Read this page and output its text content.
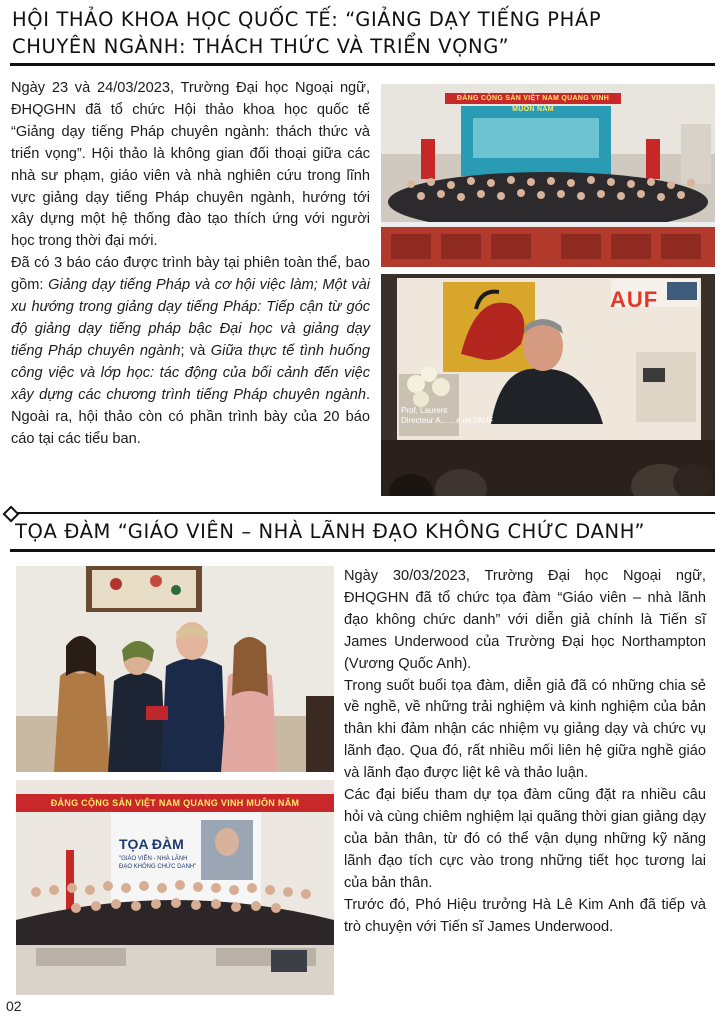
HỘI THẢO KHOA HỌC QUỐC TẾ: “GIẢNG DẠY TIẾNG PHÁP
CHUYÊN NGÀNH: THÁCH THỨC VÀ TRIỂN VỌNG”

Ngày 23 và 24/03/2023, Trường Đại học Ngoại ngữ, ĐHQGHN đã tổ chức Hội thảo khoa học quốc tế “Giảng dạy tiếng Pháp chuyên ngành: thách thức và triển vọng”. Hội thảo là không gian đối thoại giữa các nhà sư phạm, giáo viên và nhà nghiên cứu trong lĩnh vực giảng dạy tiếng Pháp chuyên ngành, hướng tới xây dựng một hệ thống đào tạo thích ứng với người học trong thời đại mới.

Đã có 3 báo cáo được trình bày tại phiên toàn thể, bao gồm: Giảng dạy tiếng Pháp và cơ hội việc làm; Một vài xu hướng trong giảng dạy tiếng Pháp: Tiếp cận từ góc độ giảng dạy tiếng pháp bậc Đại học và giảng dạy tiếng Pháp chuyên ngành; và Giữa thực tế tình huống công việc và lớp học: tác động của bối cảnh đến việc xây dựng các chương trình tiếng Pháp chuyên ngành. Ngoài ra, hội thảo còn có phần trình bày của 20 báo cáo tại các tiểu ban.

ĐẢNG CỘNG SẢN VIỆT NAM QUANG VINH MUÔN NĂM
AUF
Prof. Laurent
Directeur A... ...e de l'AUF
TỌA ĐÀM “GIÁO VIÊN – NHÀ LÃNH ĐẠO KHÔNG CHỨC DANH”
ĐẢNG CỘNG SẢN VIỆT NAM QUANG VINH MUÔN NĂM
TỌA ĐÀM
"GIÁO VIÊN - NHÀ LÃNH ĐẠO KHÔNG CHỨC DANH"

Ngày 30/03/2023, Trường Đại học Ngoại ngữ, ĐHQGHN đã tổ chức tọa đàm “Giáo viên – nhà lãnh đạo không chức danh” với diễn giả chính là Tiến sĩ James Underwood của Trường Đại học Northampton (Vương Quốc Anh).

Trong suốt buổi tọa đàm, diễn giả đã có những chia sẻ về nghề, về những trải nghiệm và kinh nghiệm của bản thân khi đảm nhận các nhiệm vụ giảng dạy và chức vụ lãnh đạo. Qua đó, rất nhiều mối liên hệ giữa nghề giáo và lãnh đạo được liệt kê và thảo luận.

Các đại biểu tham dự tọa đàm cũng đặt ra nhiều câu hỏi và cùng chiêm nghiệm lại quãng thời gian giảng dạy của bản thân, từ đó có thể vận dụng những kỹ năng lãnh đạo tích cực vào trong những tiết học tương lai của bản thân.

Trước đó, Phó Hiệu trưởng Hà Lê Kim Anh đã tiếp và trò chuyện với Tiến sĩ James Underwood.

02
